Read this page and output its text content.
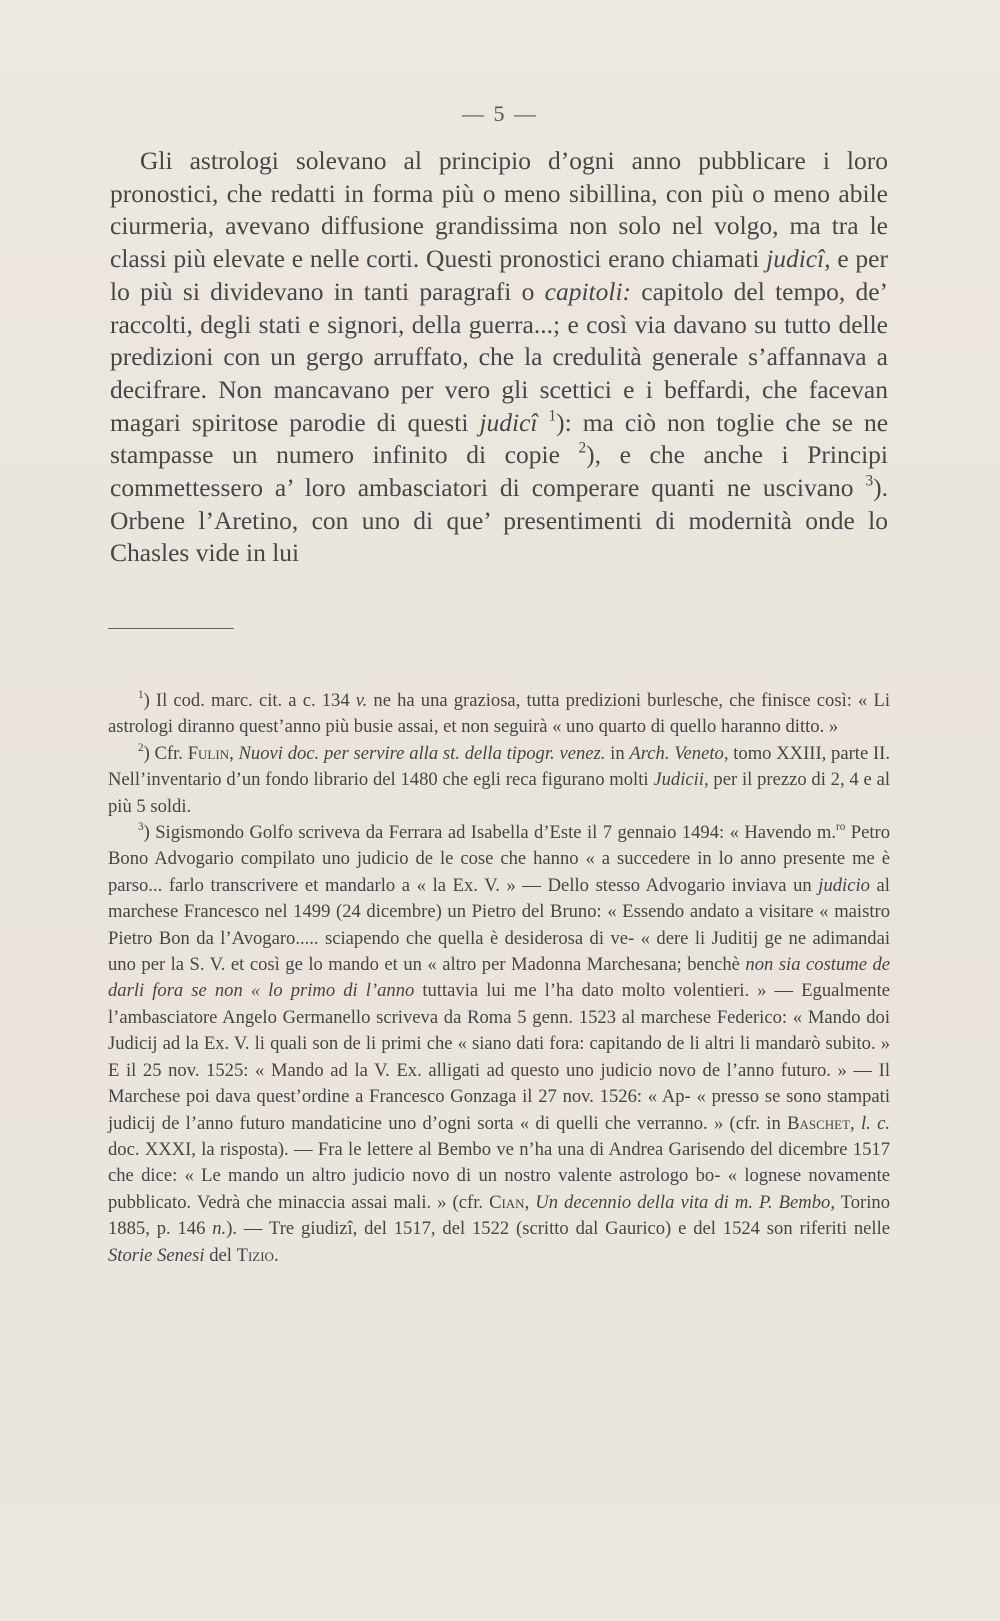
— 5 —
Gli astrologi solevano al principio d’ogni anno pubblicare i loro pronostici, che redatti in forma più o meno sibillina, con più o meno abile ciurmeria, avevano diffusione grandissima non solo nel volgo, ma tra le classi più elevate e nelle corti. Questi pronostici erano chiamati judicî, e per lo più si dividevano in tanti paragrafi o capitoli: capitolo del tempo, de’ raccolti, degli stati e signori, della guerra...; e così via davano su tutto delle predizioni con un gergo arruffato, che la credulità generale s’affannava a decifrare. Non mancavano per vero gli scettici e i beffardi, che facevan magari spiritose parodie di questi judicî $^1$): ma ciò non toglie che se ne stampasse un numero infinito di copie $^2$), e che anche i Principi commettessero a’ loro ambasciatori di comperare quanti ne uscivano $^3$). Orbene l’Aretino, con uno di que’ presentimenti di modernità onde lo Chasles vide in lui

$^1$) Il cod. marc. cit. a c. 134 v. ne ha una graziosa, tutta predizioni burlesche, che finisce così: « Li astrologi diranno quest’anno più busie assai, et non seguirà « uno quarto di quello haranno ditto. »

$^2$) Cfr. Fulin, Nuovi doc. per servire alla st. della tipogr. venez. in Arch. Veneto, tomo XXIII, parte II. Nell’inventario d’un fondo librario del 1480 che egli reca figurano molti Judicii, per il prezzo di 2, 4 e al più 5 soldi.

$^3$) Sigismondo Golfo scriveva da Ferrara ad Isabella d’Este il 7 gennaio 1494: « Havendo m.$^{ro}$ Petro Bono Advogario compilato uno judicio de le cose che hanno « a succedere in lo anno presente me è parso... farlo transcrivere et mandarlo a « la Ex. V. » — Dello stesso Advogario inviava un judicio al marchese Francesco nel 1499 (24 dicembre) un Pietro del Bruno: « Essendo andato a visitare « maistro Pietro Bon da l’Avogaro..... sciapendo che quella è desiderosa di ve- « dere li Juditij ge ne adimandai uno per la S. V. et così ge lo mando et un « altro per Madonna Marchesana; benchè non sia costume de darli fora se non « lo primo di l’anno tuttavia lui me l’ha dato molto volentieri. » — Egualmente l’ambasciatore Angelo Germanello scriveva da Roma 5 genn. 1523 al marchese Federico: « Mando doi Judicij ad la Ex. V. li quali son de li primi che « siano dati fora: capitando de li altri li mandarò subito. » E il 25 nov. 1525: « Mando ad la V. Ex. alligati ad questo uno judicio novo de l’anno futuro. » — Il Marchese poi dava quest’ordine a Francesco Gonzaga il 27 nov. 1526: « Ap- « presso se sono stampati judicij de l’anno futuro mandaticine uno d’ogni sorta « di quelli che verranno. » (cfr. in Baschet, l. c. doc. XXXI, la risposta). — Fra le lettere al Bembo ve n’ha una di Andrea Garisendo del dicembre 1517 che dice: « Le mando un altro judicio novo di un nostro valente astrologo bo- « lognese novamente pubblicato. Vedrà che minaccia assai mali. » (cfr. Cian, Un decennio della vita di m. P. Bembo, Torino 1885, p. 146 n.). — Tre giudizî, del 1517, del 1522 (scritto dal Gaurico) e del 1524 son riferiti nelle Storie Senesi del Tizio.
